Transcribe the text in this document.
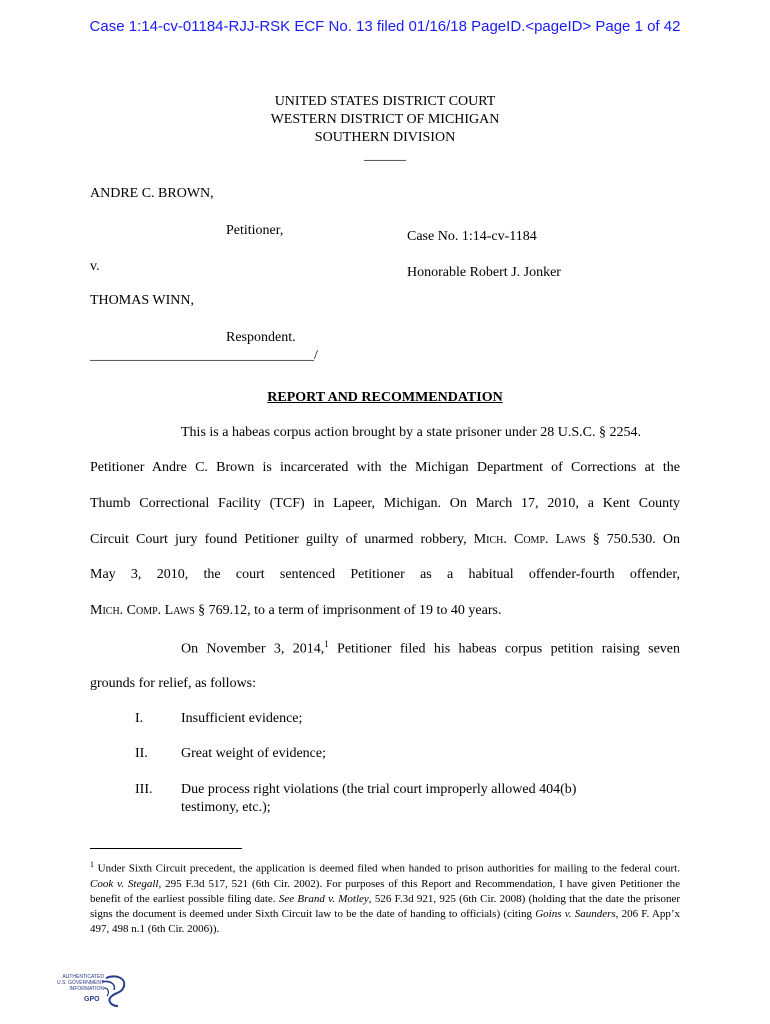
Case 1:14-cv-01184-RJJ-RSK ECF No. 13 filed 01/16/18 PageID.<pageID> Page 1 of 42
UNITED STATES DISTRICT COURT
WESTERN DISTRICT OF MICHIGAN
SOUTHERN DIVISION
______
ANDRE C. BROWN,
Petitioner,	Case No. 1:14-cv-1184
v.	Honorable Robert J. Jonker
THOMAS WINN,
Respondent.
________________________________/
REPORT AND RECOMMENDATION
This is a habeas corpus action brought by a state prisoner under 28 U.S.C. § 2254.
Petitioner Andre C. Brown is incarcerated with the Michigan Department of Corrections at the
Thumb Correctional Facility (TCF) in Lapeer, Michigan. On March 17, 2010, a Kent County
Circuit Court jury found Petitioner guilty of unarmed robbery, Mich. Comp. Laws § 750.530. On
May 3, 2010, the court sentenced Petitioner as a habitual offender-fourth offender,
Mich. Comp. Laws § 769.12, to a term of imprisonment of 19 to 40 years.
On November 3, 2014,$^1$ Petitioner filed his habeas corpus petition raising seven
grounds for relief, as follows:
I.	Insufficient evidence;
II. Great weight of evidence;
III. Due process right violations (the trial court improperly allowed 404(b)
testimony, etc.);
$^1$ Under Sixth Circuit precedent, the application is deemed filed when handed to prison authorities for mailing to the federal court. Cook v. Stegall, 295 F.3d 517, 521 (6th Cir. 2002). For purposes of this Report and Recommendation, I have given Petitioner the benefit of the earliest possible filing date. See Brand v. Motley, 526 F.3d 921, 925 (6th Cir. 2008) (holding that the date the prisoner signs the document is deemed under Sixth Circuit law to be the date of handing to officials) (citing Goins v. Saunders, 206 F. App’x 497, 498 n.1 (6th Cir. 2006)).
AUTHENTICATED
U.S. GOVERNMENT
INFORMATION
GPO
